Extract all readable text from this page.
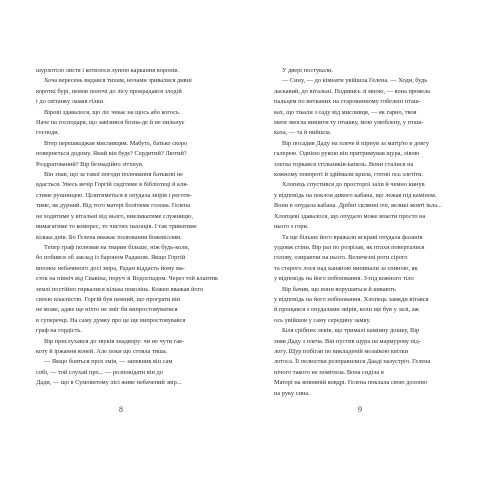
шурхотіло листя і котилося луною каркання воронів.
Хоча вересень видався тихим, ночами зривалися дивні
короткі бурі, немов поночі до лісу прокрадався злодій
і до світанку ламав гілки.
Вірові здавалося, що ліс чекає на щось або когось.
Наче на господаря, що завізився бозна-де й не пильнує
господи.
Втер перешкоджав мисливцям. Мабуть, батько скоро
повернеться додому. Який він буде? Сердитий? Лютий?
Роздратований? Вір безнадійно зітхнув.
Він знав, що за такої погоди полювання батькові не
вдасться. Увесь вечір Горгій сидітиме в бібліотеці й кля-
стиме рушницею. Цілитиметься в опудала звірів і реготи-
тиме, як дурний. Від того матері болітиме голова. Гелена
не ходитиме у вітальні від нього, викликатиме служницю,
вимагатиме то компрес, то чистих пахощів. І так триватиме
кілька днів. Бо Гелена вважає полювання божевіллям.
Тепер граф полював на тварин більше, ніж будь-коли,
бо побився об заклад із бароном Раданом. Якщо Горгій
вполює небачиного досі звіра, Радан віддасть йому ма-
єток на північ від Свавіна, поруч зі Водоспадом. Через той клаптик
землі постійно гиркалися кілька поколінь. Кожен вважав його
своєю власністю. Горгій був певний, що програти він
не може, адже ще ніхто не зміг би випростовуватися
в суперечці. На саму думку про це ще випростовувався
граф на гордість.
Вір прислухався до звуків знадвору: чи не чути гав-
коту й іржання коней. Але поки що стояла тиша.
— Якщо бояться проз змія, — запевнив він сам
собі, — той слухай про... — розповідати він до
Дади, — що в Сумовитому лісі живе небачений звір...
8
У двері постукали.
— Сину, — до кімнати увійшла Гелена. — Ходи, будь
ласкавий, до вітальні. Подивись зі мною, — вона провела
пальцем по витканих на старовинному гобелені пташ-
ках, що тікали з саду від мисливця, — як гарно, твоя
мати змогла вишити ту пташку, мою улюблену, у пташ-
каха, — та й вийшла.
Вір посадив Даду на плече й пірнув за матір'ю в довгу
галерею. Однією рукою він притримував щура, лівою
злегка торкався стільників-капель. Вони сталися на
кожному повороті й здіймали крила, готові ось злетіти.
Хлопець спустився до просторої зали й чемно кинув
у відповідь на поклон дикого кабана, що лежав під каміном.
Вони в опудала кабана. Дрібні склянні очі, великі жовті ікла...
Хлопцеві здавалося, що опудало може впасти просто на
нього з гори.
Та ще більше його вражали яскраві опудала фазанів
уздовж стіни. Вір раз по розрізав, як птахи поверталися
голову, озираючи на нього. Величезні роги сірого
та старого лося над канапою випинали за спиною, як
у відповідь на його побоювання. З-під кожного тіло
Вір бачив, що вони ворушаться й кивають
у відповідь на його побоювання. Хлопець завжди вітався
й прощався з опудалами звірів, коли ще був у залі, аж
ось увійшов у саму середину замку.
Біля срібних левів, що трималі камінну дошку, Вір
зняв Даду з плеча. Він пустив щура на мармурову під-
логу. Щур побігав по викладеній мозаїкою квітки
лотоса. Її пелюстки розправилися Дааді назустріч. Гелена
нічого такого не помітила. Вона сиділа в
Матері на вовняній ковдрі. Гелена поклала свою долоню
на руку сина.
9
